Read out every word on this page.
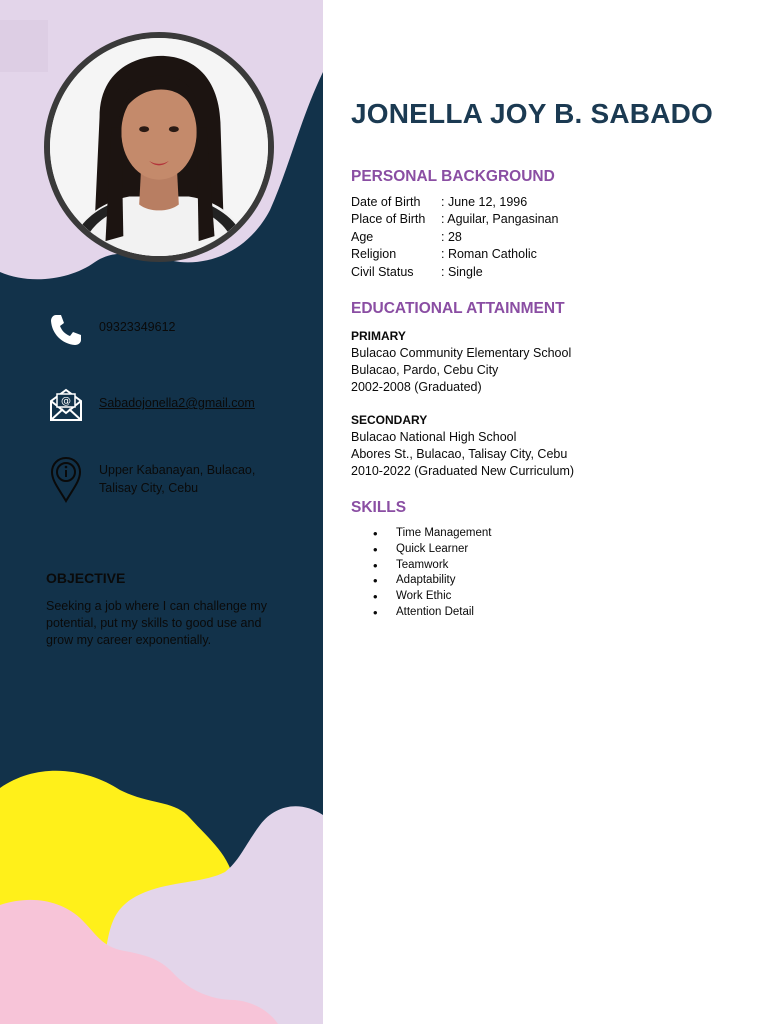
09323349612
@ Sabadojonella2@gmail.com
Upper Kabanayan, Bulacao,
Talisay City, Cebu
OBJECTIVE
Seeking a job where I can challenge my potential, put my skills to good use and grow my career exponentially.
JONELLA JOY B. SABADO
PERSONAL BACKGROUND
Date of Birth	: June 12, 1996
Place of Birth	: Aguilar, Pangasinan
Age	: 28
Religion	: Roman Catholic
Civil Status	: Single
EDUCATIONAL ATTAINMENT
PRIMARY
Bulacao Community Elementary School
Bulacao, Pardo, Cebu City
2002-2008 (Graduated)
SECONDARY
Bulacao National High School
Abores St., Bulacao, Talisay City, Cebu
2010-2022 (Graduated New Curriculum)
SKILLS
• Time Management
• Quick Learner
• Teamwork
• Adaptability
• Work Ethic
• Attention Detail
